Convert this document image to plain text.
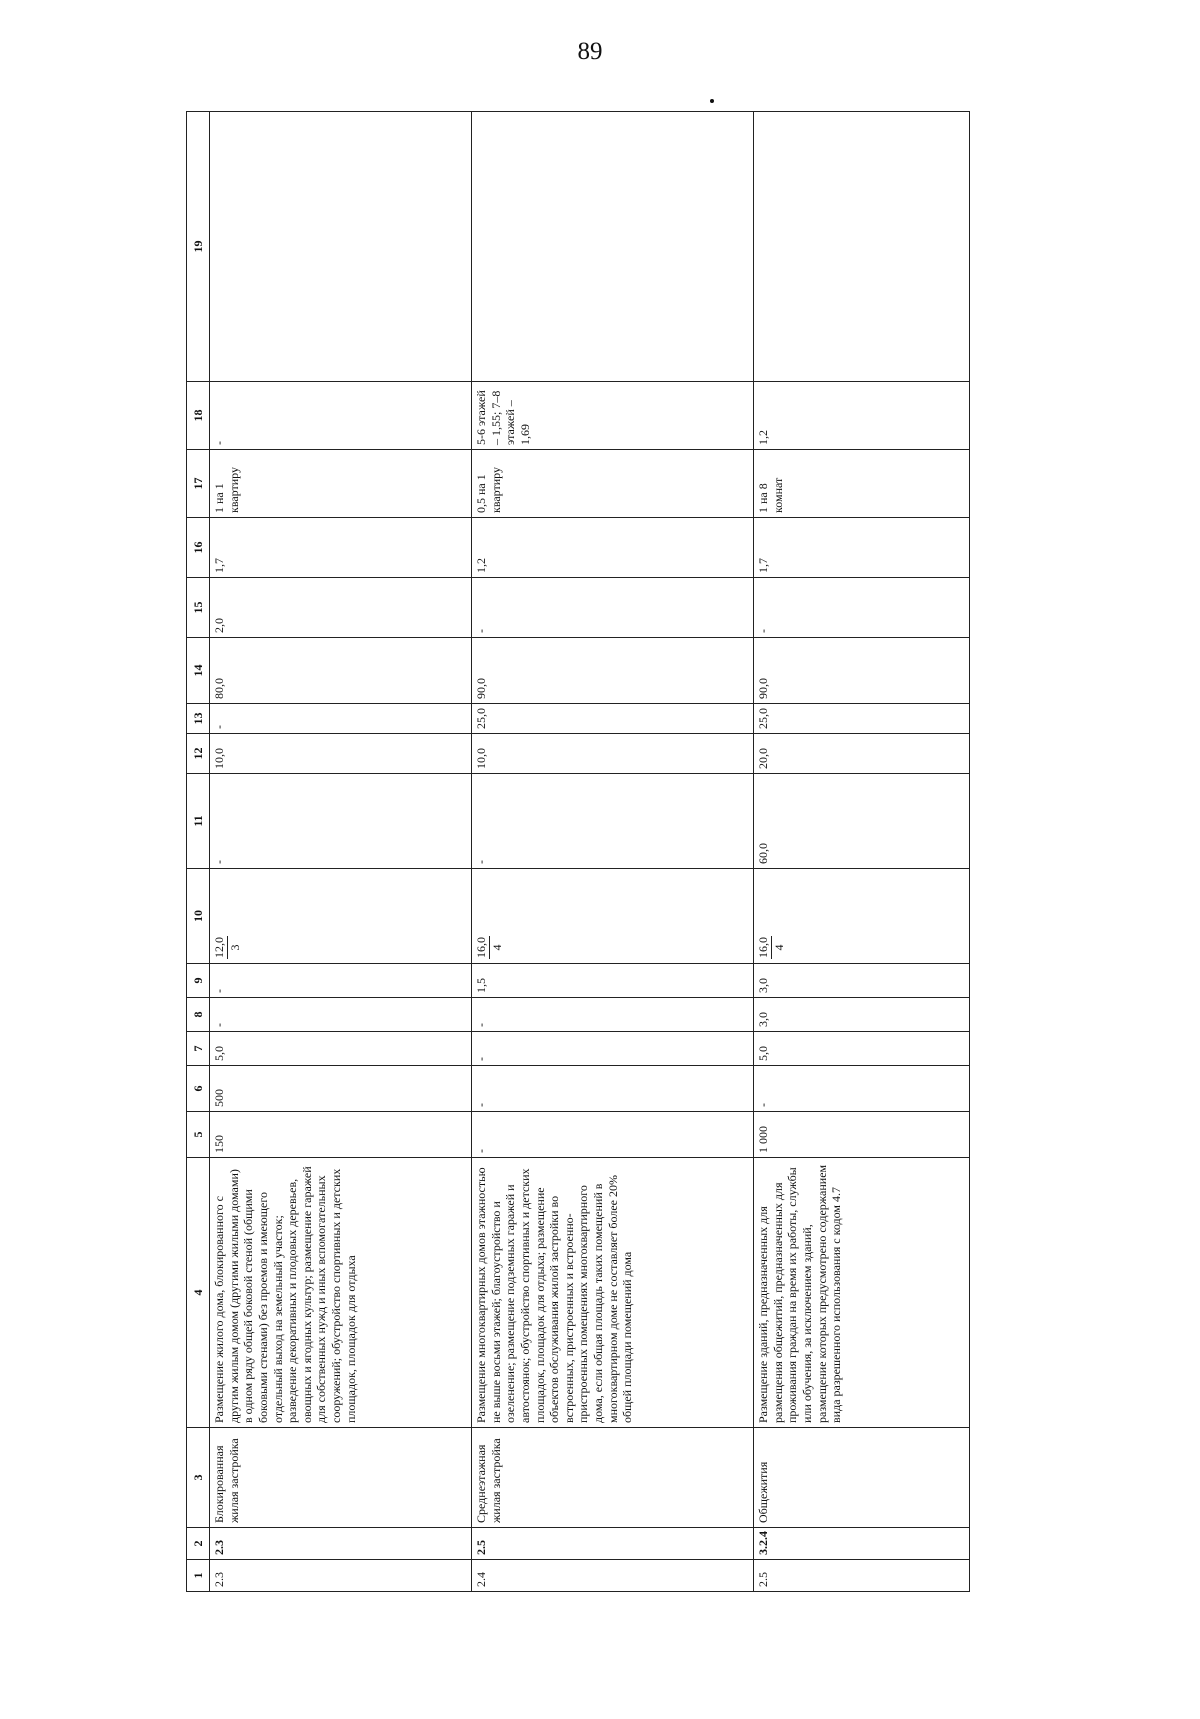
89
1	2	3	4	5	6	7	8	9	10	11	12	13	14	15	16	17	18	19
2.3	2.3	Блокированная жилая застройка	Размещение жилого дома, блокированного с другим жилым домом (другими жилыми домами) в одном ряду общей боковой стеной (общими боковыми стенами) без проемов и имеющего отдельный выход на земельный участок; разведение декоративных и плодовых деревьев, овощных и ягодных культур; размещение гаражей для собственных нужд и иных вспомогательных сооружений; обустройство спортивных и детских площадок, площадок для отдыха	150	500	5,0	-	-	12,0 3	-	10,0	-	80,0	2,0	1,7	1 на 1 квартиру	-	
2.4	2.5	Среднеэтажная жилая застройка	Размещение многоквартирных домов этажностью не выше восьми этажей; благоустройство и озеленение; размещение подземных гаражей и автостоянок; обустройство спортивных и детских площадок, площадок для отдыха; размещение объектов обслуживания жилой застройки во встроенных, пристроенных и встроенно-пристроенных помещениях многоквартирного дома, если общая площадь таких помещений в многоквартирном доме не составляет более 20% общей площади помещений дома	-	-	-	-	1,5	16,0 4	-	10,0	25,0	90,0	-	1,2	0,5 на 1 квартиру	5-6 этажей – 1,55; 7–8 этажей – 1,69	
2.5	3.2.4	Общежития	Размещение зданий, предназначенных для размещения общежитий, предназначенных для проживания граждан на время их работы, службы или обучения, за исключением зданий, размещение которых предусмотрено содержанием вида разрешенного использования с кодом 4.7	1 000	-	5,0	3,0	3,0	16,0 4	60,0	20,0	25,0	90,0	-	1,7	1 на 8 комнат	1,2	
